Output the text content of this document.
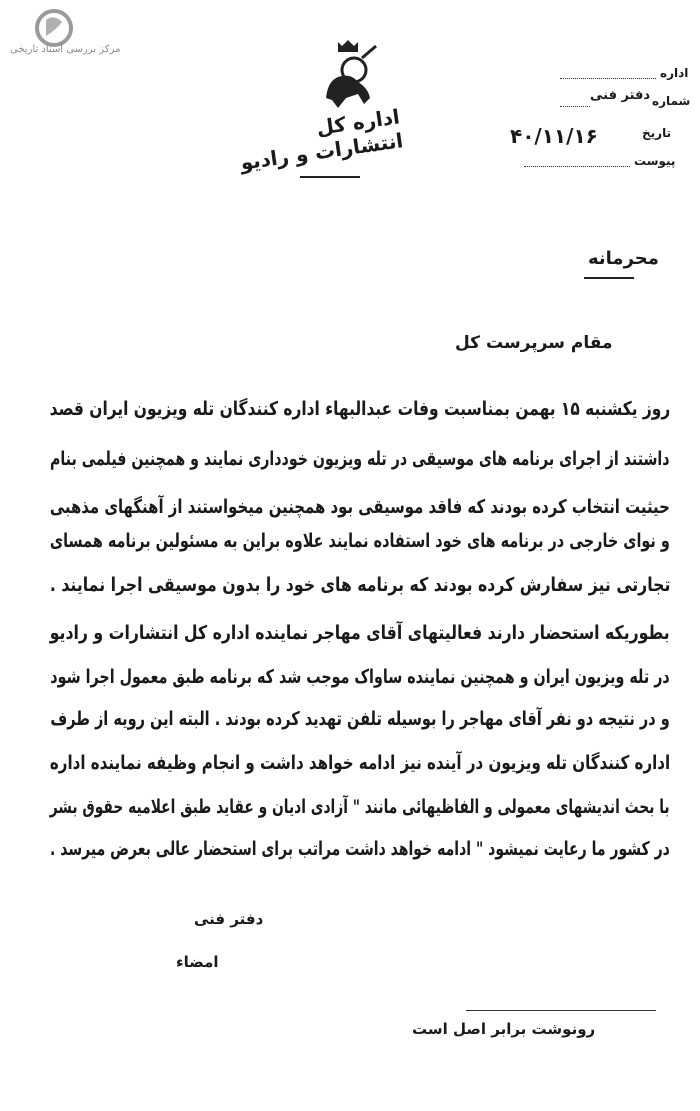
مرکز بررسی اسناد تاریخی
اداره کل انتشارات و رادیو
اداره
شماره
دفتر فنی
تاریخ
۴۰/۱۱/۱۶
پیوست
محرمانه
مقام سرپرست کل
روز یکشنبه ۱۵ بهمن بمناسبت وفات عبدالبهاء اداره کنندگان تله ویزیون ایران قصد
داشتند از اجرای برنامه های موسیقی در تله ویزیون خودداری نمایند و همچنین فیلمی بنام
حیثیت انتخاب کرده بودند که فاقد موسیقی بود همچنین میخواستند از آهنگهای مذهبی
و نوای خارجی در برنامه های خود استفاده نمایند علاوه براین به مسئولین برنامه همسای
تجارتی نیز سفارش کرده بودند که برنامه های خود را بدون موسیقی اجرا نمایند .
بطوریکه استحضار دارند فعالیتهای آقای مهاجر نماینده اداره کل انتشارات و رادیو
در تله ویزیون ایران و همچنین نماینده ساواک موجب شد که برنامه طبق معمول اجرا شود
و در نتیجه دو نفر آقای مهاجر را بوسیله تلفن تهدید کرده بودند . البته این رویه از طرف
اداره کنندگان تله ویزیون در آینده نیز ادامه خواهد داشت و انجام وظیفه نماینده اداره
با بحث اندیشهای معمولی و الفاظیهائی مانند " آزادی ادیان و عقاید طبق اعلامیه حقوق بشر
در کشور ما رعایت نمیشود " ادامه خواهد داشت مراتب برای استحضار عالی بعرض میرسد .
دفتر فنی
امضاء
رونوشت برابر اصل است
